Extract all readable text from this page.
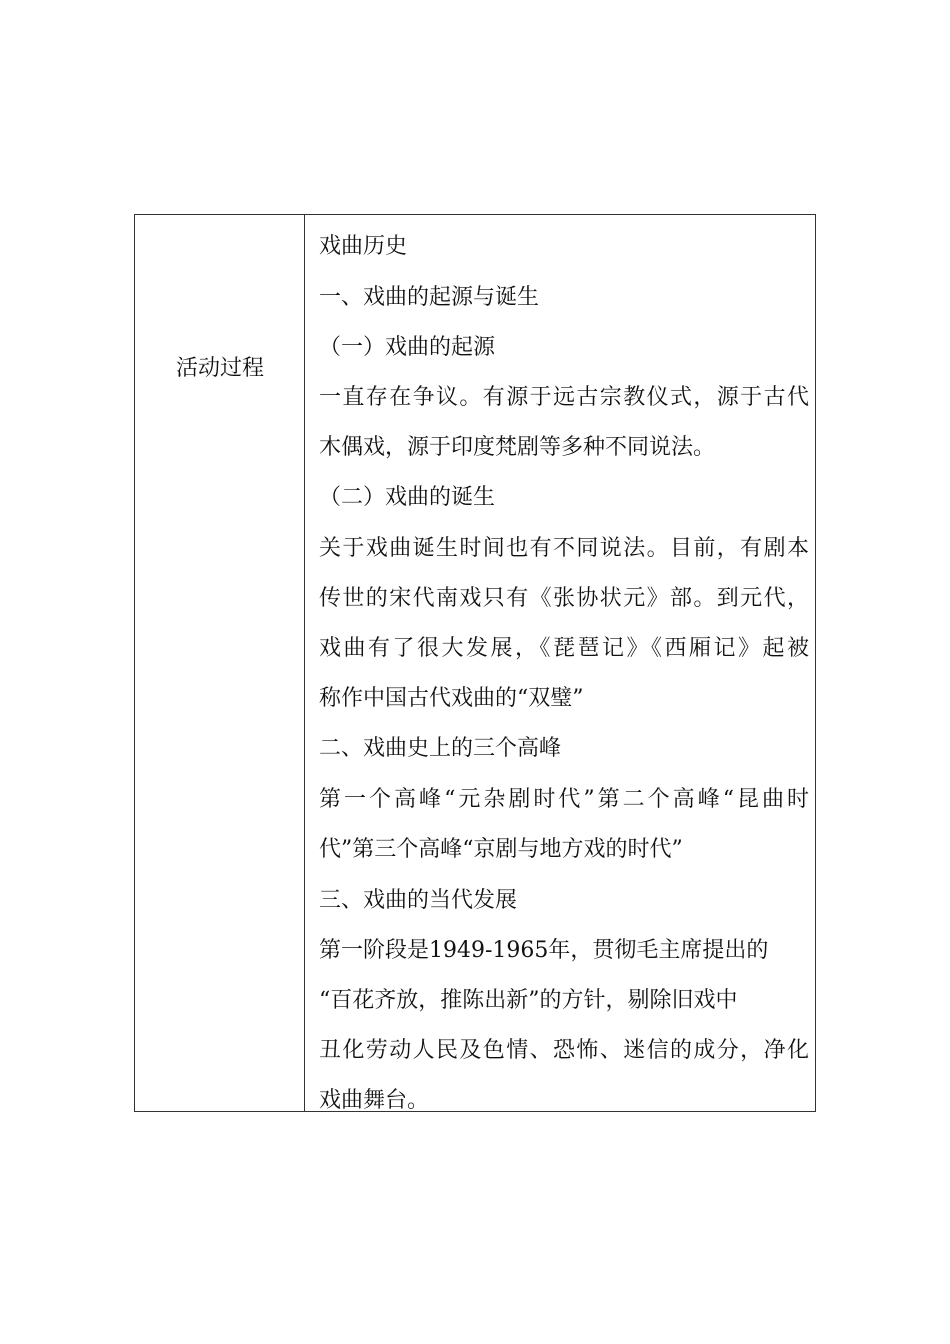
活动过程
戏曲历史
一、戏曲的起源与诞生
（一）戏曲的起源
一直存在争议。有源于远古宗教仪式，源于古代
木偶戏，源于印度梵剧等多种不同说法。
（二）戏曲的诞生
关于戏曲诞生时间也有不同说法。目前，有剧本
传世的宋代南戏只有《张协状元》部。到元代，
戏曲有了很大发展，《琵琶记》《西厢记》起被
称作中国古代戏曲的“双璧”
二、戏曲史上的三个高峰
第一个高峰“元杂剧时代”第二个高峰“昆曲时
代”第三个高峰“京剧与地方戏的时代”
三、戏曲的当代发展
第一阶段是1949-1965年，贯彻毛主席提出的
“百花齐放，推陈出新”的方针，剔除旧戏中
丑化劳动人民及色情、恐怖、迷信的成分，净化
戏曲舞台。
